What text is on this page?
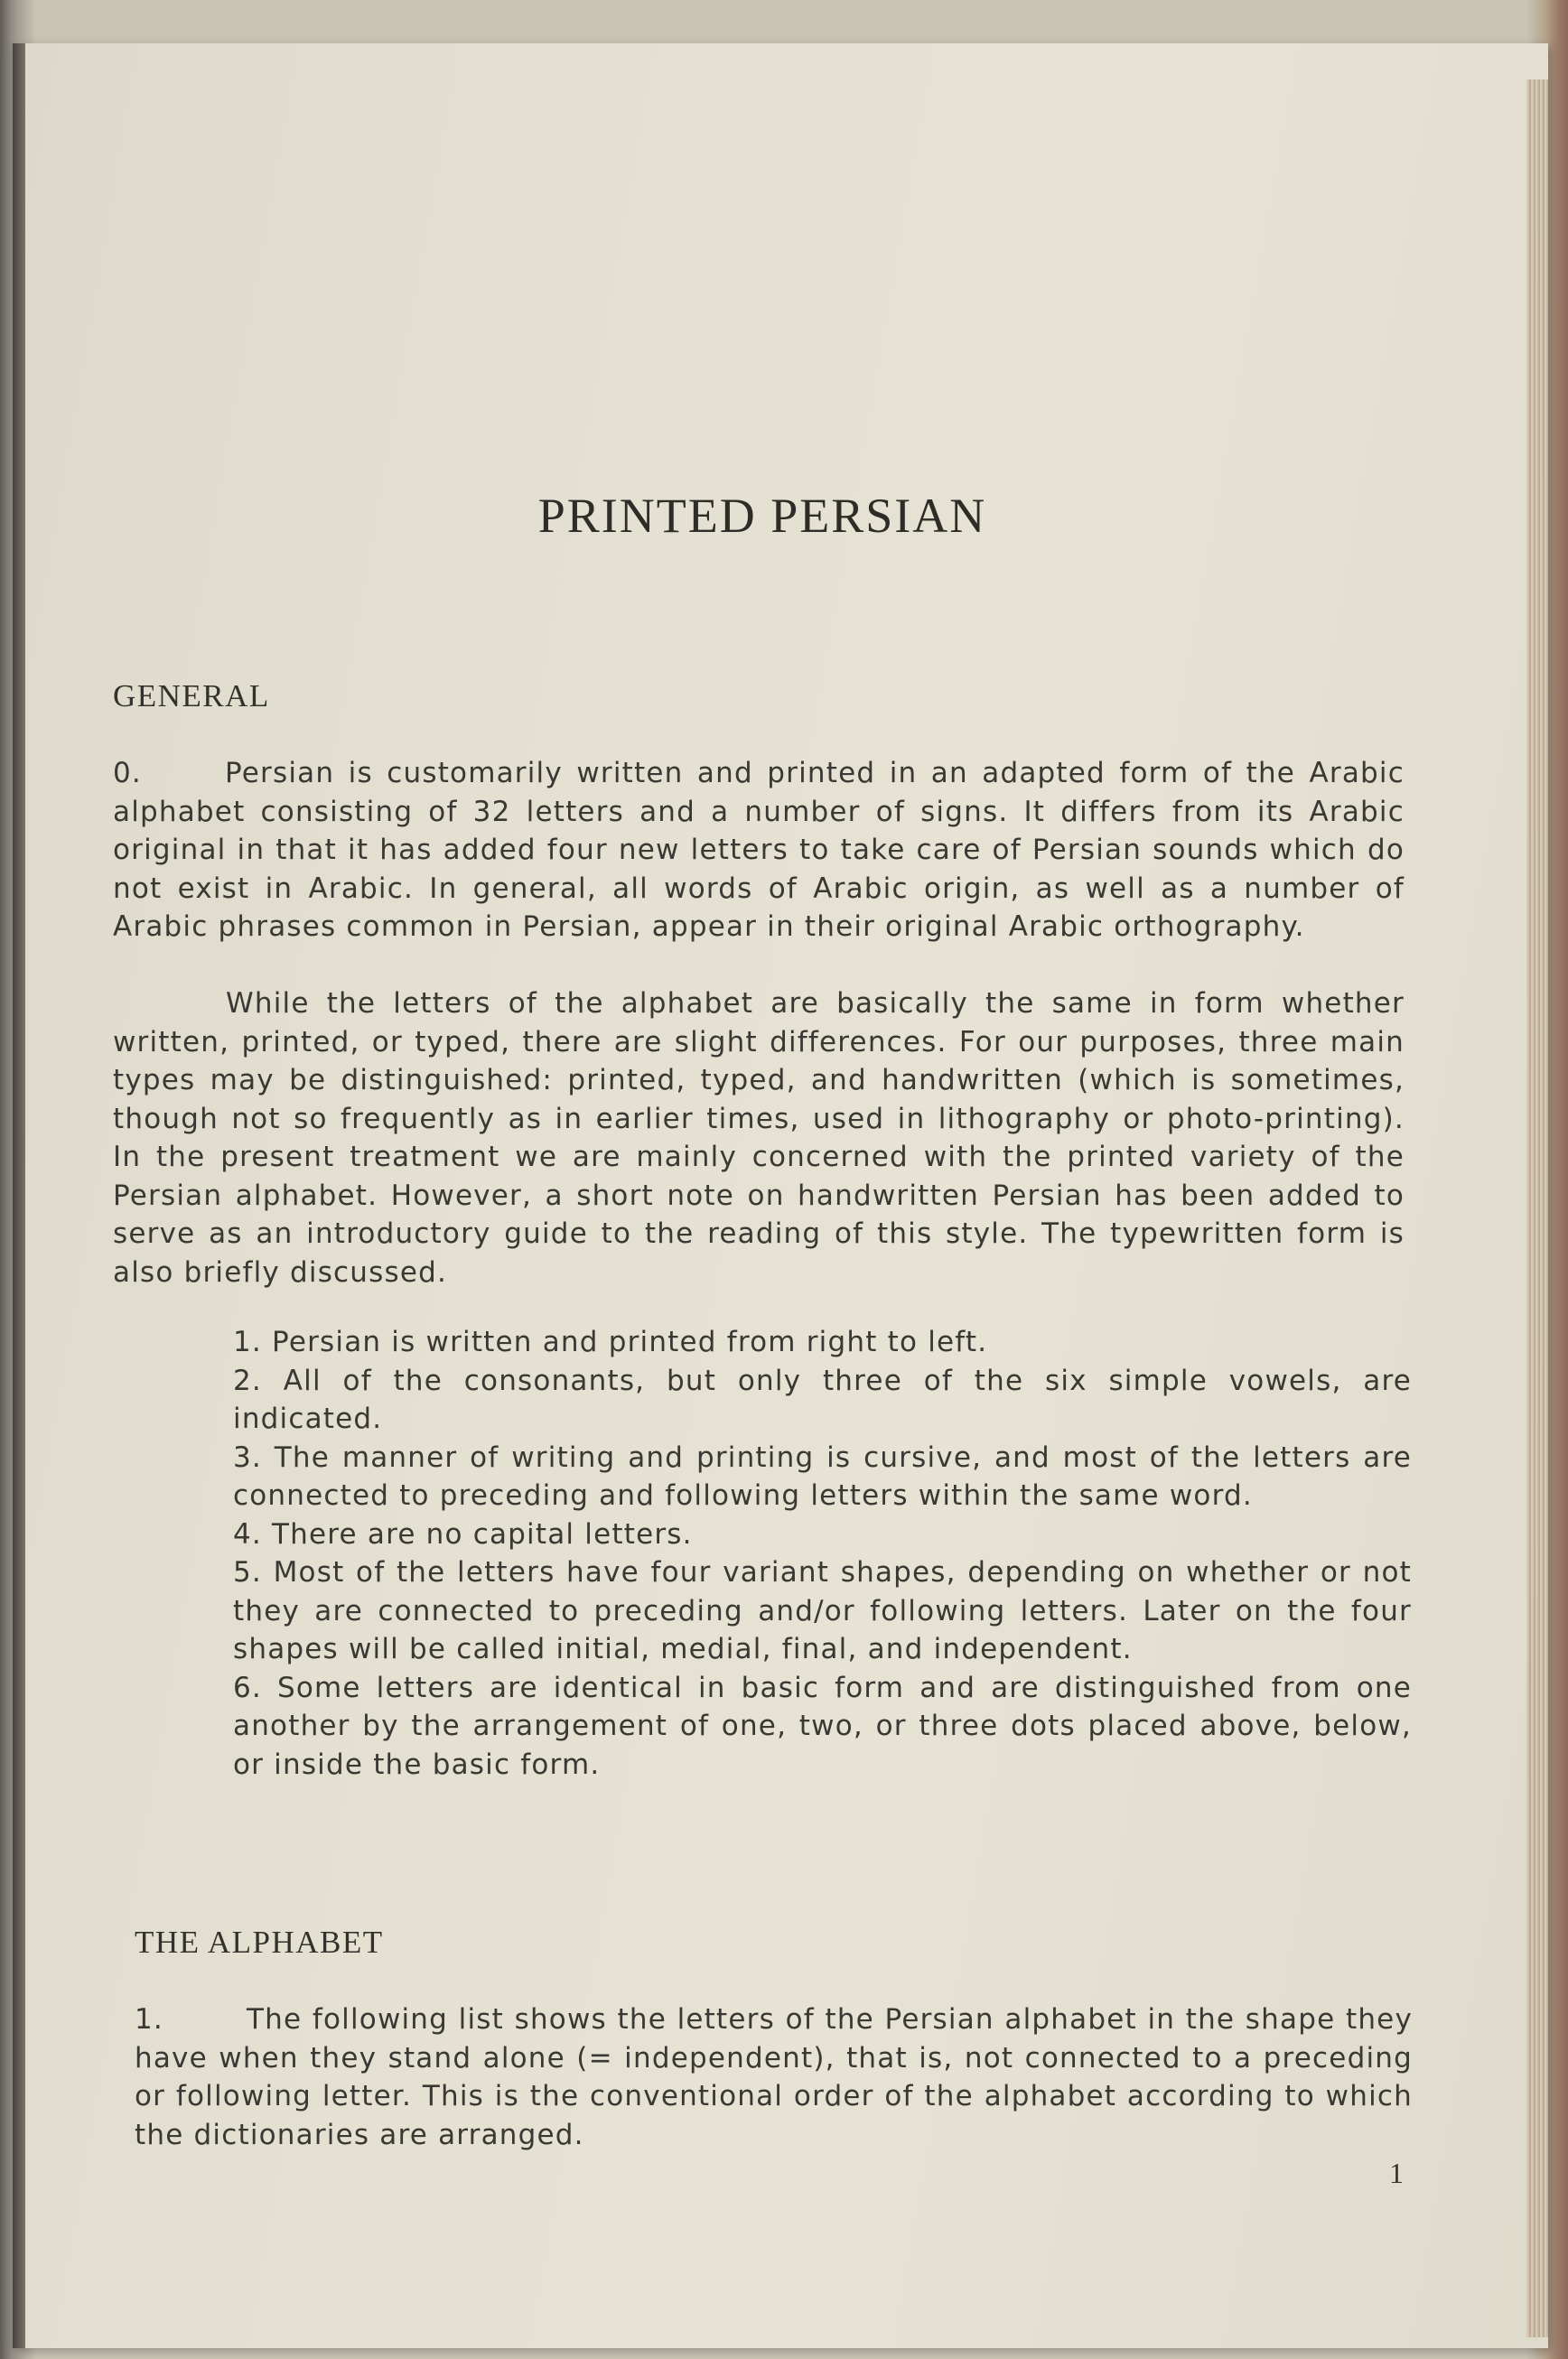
PRINTED PERSIAN
GENERAL

0.	Persian is customarily written and printed in an adapted form of the Arabic alphabet consisting of 32 letters and a number of signs. It differs from its Arabic original in that it has added four new letters to take care of Persian sounds which do not exist in Arabic. In general, all words of Arabic origin, as well as a number of Arabic phrases common in Persian, appear in their original Arabic orthography.

While the letters of the alphabet are basically the same in form whether written, printed, or typed, there are slight differences. For our purposes, three main types may be distinguished: printed, typed, and handwritten (which is sometimes, though not so frequently as in earlier times, used in lithography or photo-printing). In the present treatment we are mainly concerned with the printed variety of the Persian alphabet. However, a short note on handwritten Persian has been added to serve as an introductory guide to the reading of this style. The typewritten form is also briefly discussed.

1. Persian is written and printed from right to left.
2. All of the consonants, but only three of the six simple vowels, are indicated.
3. The manner of writing and printing is cursive, and most of the letters are connected to preceding and following letters within the same word.
4. There are no capital letters.
5. Most of the letters have four variant shapes, depending on whether or not they are connected to preceding and/or following letters. Later on the four shapes will be called initial, medial, final, and independent.
6. Some letters are identical in basic form and are distinguished from one another by the arrangement of one, two, or three dots placed above, below, or inside the basic form.
THE ALPHABET

1.	The following list shows the letters of the Persian alphabet in the shape they have when they stand alone (= independent), that is, not connected to a preceding or following letter. This is the conventional order of the alphabet according to which the dictionaries are arranged.

1
